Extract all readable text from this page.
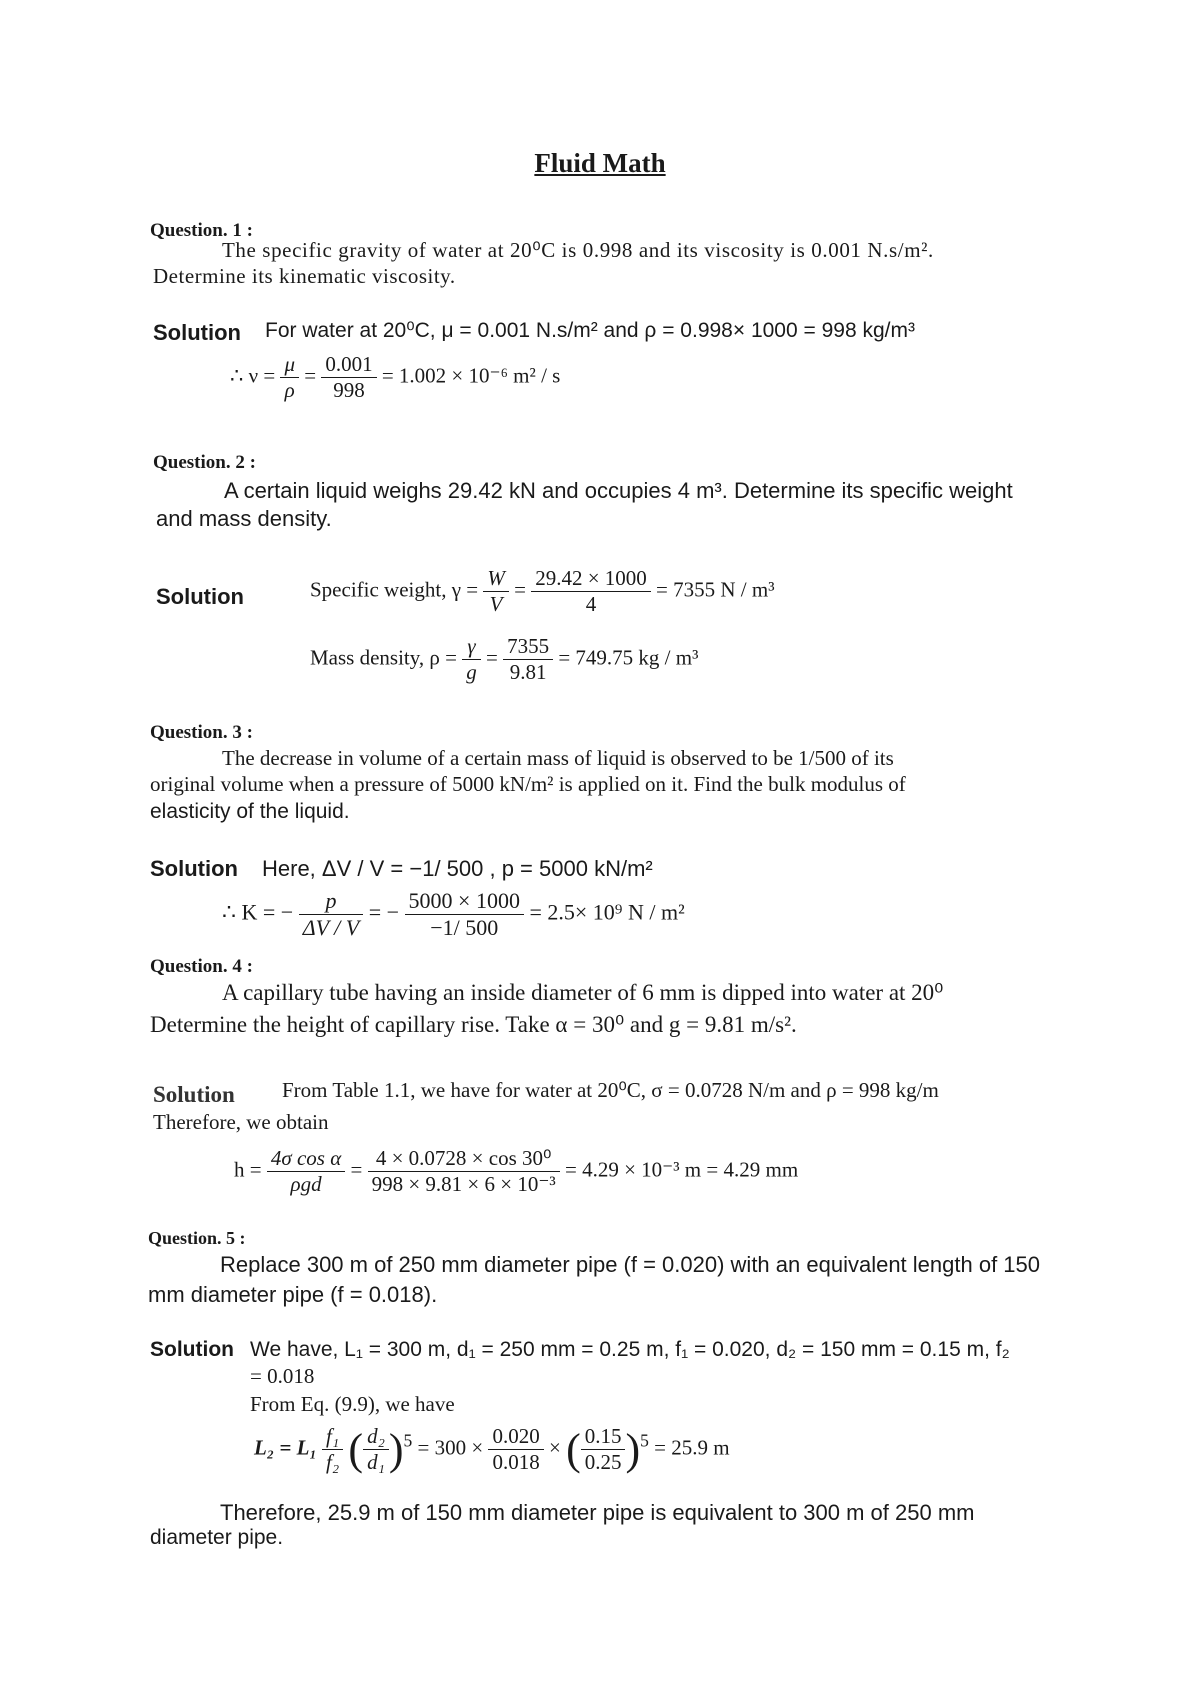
Fluid Math
Question. 1 :
The specific gravity of water at 20⁰C is 0.998 and its viscosity is 0.001 N.s/m².
Determine its kinematic viscosity.
Solution For water at 20⁰C, μ = 0.001 N.s/m² and ρ = 0.998× 1000 = 998 kg/m³
∴ $\nu = \frac{\mu}{\rho} = \frac{0.001}{998} = 1.002 \times 10^{-6}$ m² / s
Question. 2 :
A certain liquid weighs 29.42 kN and occupies 4 m³. Determine its specific weight
and mass density.
Solution	Specific weight, $\gamma = \frac{W}{V} = \frac{29.42 \times 1000}{4} = 7355$ N / m³
Mass density, $\rho = \frac{\gamma}{g} = \frac{7355}{9.81} = 749.75$ kg / m³
Question. 3 :
The decrease in volume of a certain mass of liquid is observed to be 1/500 of its
original volume when a pressure of 5000 kN/m² is applied on it. Find the bulk modulus of
elasticity of the liquid.
Solution Here, ΔV / V = −1/ 500 , p = 5000 kN/m²
∴ K = − $\frac{p}{\Delta V / V}$ = − $\frac{5000 \times 1000}{-1/ 500} = 2.5\times 10^9$ N / m²
Question. 4 :
A capillary tube having an inside diameter of 6 mm is dipped into water at 20⁰
Determine the height of capillary rise. Take α = 30⁰ and g = 9.81 m/s².
Solution From Table 1.1, we have for water at 20⁰C, σ = 0.0728 N/m and ρ = 998 kg/m
Therefore, we obtain
$h = \frac{\text{4σ cos α}}{\text{ρgd}} = \frac{\text{4 × 0.0728 × cos 30⁰}}{\text{998 × 9.81 × 6 × 10⁻³}} = 4.29 \times 10^{-3}$ m = 4.29 mm
Question. 5 :
Replace 300 m of 250 mm diameter pipe (f = 0.020) with an equivalent length of 150
mm diameter pipe (f = 0.018).
Solution We have, L₁ = 300 m, d₁ = 250 mm = 0.25 m, f₁ = 0.020, d₂ = 150 mm = 0.15 m, f₂
= 0.018
From Eq. (9.9), we have
$L_2 = L_1 \frac{\text{f₁}}{\text{f₂}}$ ( $\frac{\text{d₂}}{\text{d₁}} )^5 = 300 \times \frac{0.020}{0.018}$ × ( $\frac{0.15}{0.25} )^5 = 25.9$ m
Therefore, 25.9 m of 150 mm diameter pipe is equivalent to 300 m of 250 mm
diameter pipe.
